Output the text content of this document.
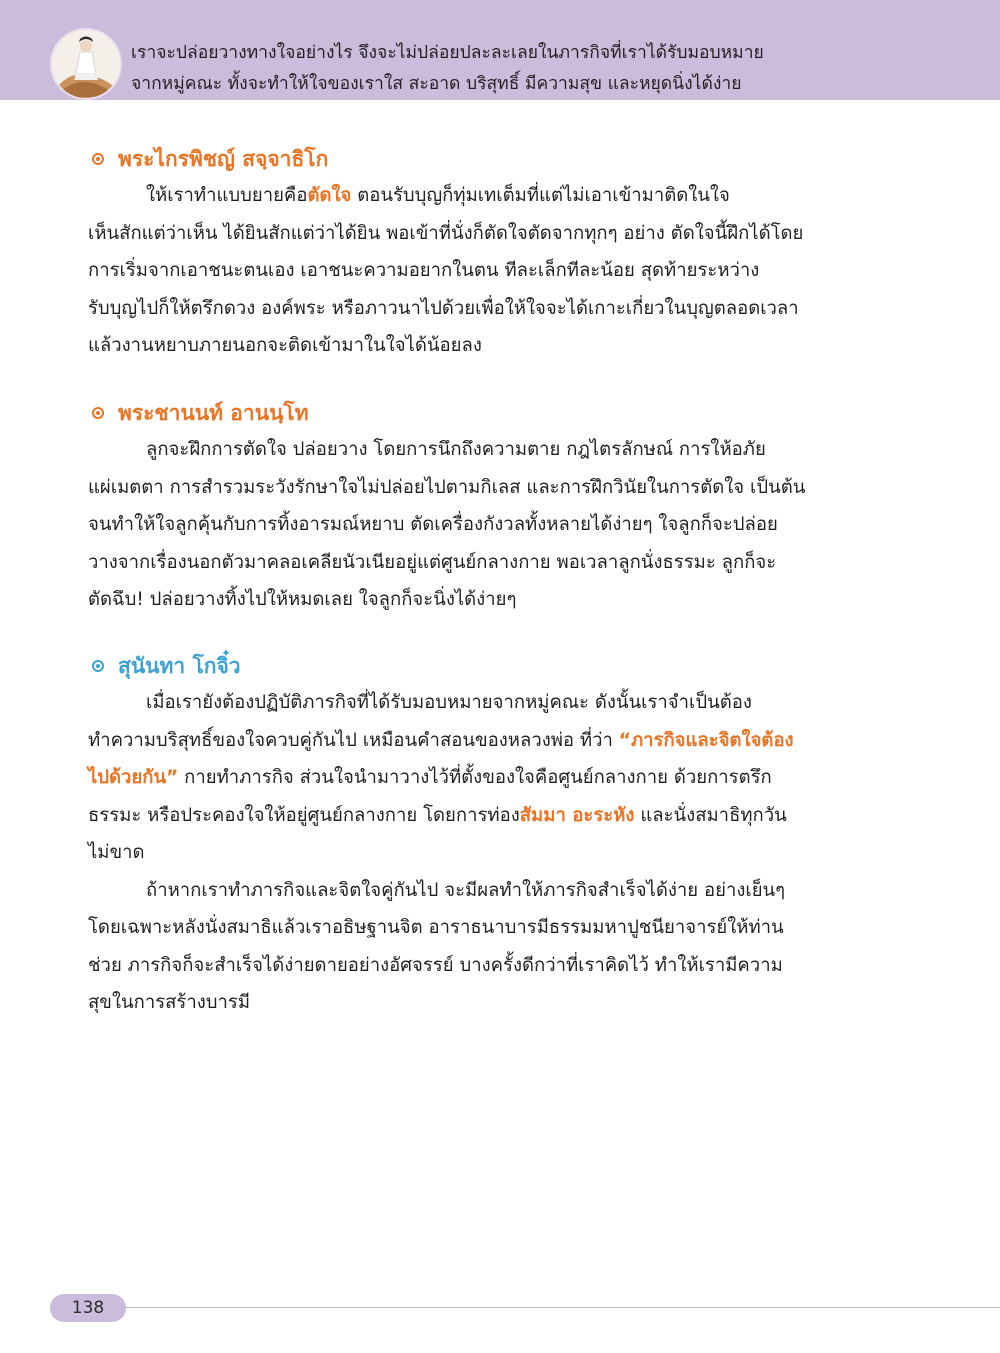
เราจะปล่อยวางทางใจอย่างไร จึงจะไม่ปล่อยปละละเลยในภารกิจที่เราได้รับมอบหมาย
จากหมู่คณะ ทั้งจะทำให้ใจของเราใส สะอาด บริสุทธิ์ มีความสุข และหยุดนิ่งได้ง่าย
พระไกรพิชญ์ สจฺจาธิโก

ให้เราทำแบบยายคือตัดใจ ตอนรับบุญก็ทุ่มเทเต็มที่แต่ไม่เอาเข้ามาติดในใจ
เห็นสักแต่ว่าเห็น ได้ยินสักแต่ว่าได้ยิน พอเข้าที่นั่งก็ตัดใจตัดจากทุกๆ อย่าง ตัดใจนี้ฝึกได้โดย
การเริ่มจากเอาชนะตนเอง เอาชนะความอยากในตน ทีละเล็กทีละน้อย สุดท้ายระหว่าง
รับบุญไปก็ให้ตรึกดวง องค์พระ หรือภาวนาไปด้วยเพื่อให้ใจจะได้เกาะเกี่ยวในบุญตลอดเวลา
แล้วงานหยาบภายนอกจะติดเข้ามาในใจได้น้อยลง

พระชานนท์ อานนฺโท

ลูกจะฝึกการตัดใจ ปล่อยวาง โดยการนึกถึงความตาย กฎไตรลักษณ์ การให้อภัย
แผ่เมตตา การสำรวมระวังรักษาใจไม่ปล่อยไปตามกิเลส และการฝึกวินัยในการตัดใจ เป็นต้น
จนทำให้ใจลูกคุ้นกับการทิ้งอารมณ์หยาบ ตัดเครื่องกังวลทั้งหลายได้ง่ายๆ ใจลูกก็จะปล่อย
วางจากเรื่องนอกตัวมาคลอเคลียนัวเนียอยู่แต่ศูนย์กลางกาย พอเวลาลูกนั่งธรรมะ ลูกก็จะ
ตัดฉึบ! ปล่อยวางทิ้งไปให้หมดเลย ใจลูกก็จะนิ่งได้ง่ายๆ

สุนันทา โกจิ๋ว

เมื่อเรายังต้องปฏิบัติภารกิจที่ได้รับมอบหมายจากหมู่คณะ ดังนั้นเราจำเป็นต้อง
ทำความบริสุทธิ์ของใจควบคู่กันไป เหมือนคำสอนของหลวงพ่อ ที่ว่า “ภารกิจและจิตใจต้อง
ไปด้วยกัน” กายทำภารกิจ ส่วนใจนำมาวางไว้ที่ตั้งของใจคือศูนย์กลางกาย ด้วยการตรึก
ธรรมะ หรือประคองใจให้อยู่ศูนย์กลางกาย โดยการท่องสัมมา อะระหัง และนั่งสมาธิทุกวัน
ไม่ขาด
ถ้าหากเราทำภารกิจและจิตใจคู่กันไป จะมีผลทำให้ภารกิจสำเร็จได้ง่าย อย่างเย็นๆ
โดยเฉพาะหลังนั่งสมาธิแล้วเราอธิษฐานจิต อาราธนาบารมีธรรมมหาปูชนียาจารย์ให้ท่าน
ช่วย ภารกิจก็จะสำเร็จได้ง่ายดายอย่างอัศจรรย์ บางครั้งดีกว่าที่เราคิดไว้ ทำให้เรามีความ
สุขในการสร้างบารมี

138
